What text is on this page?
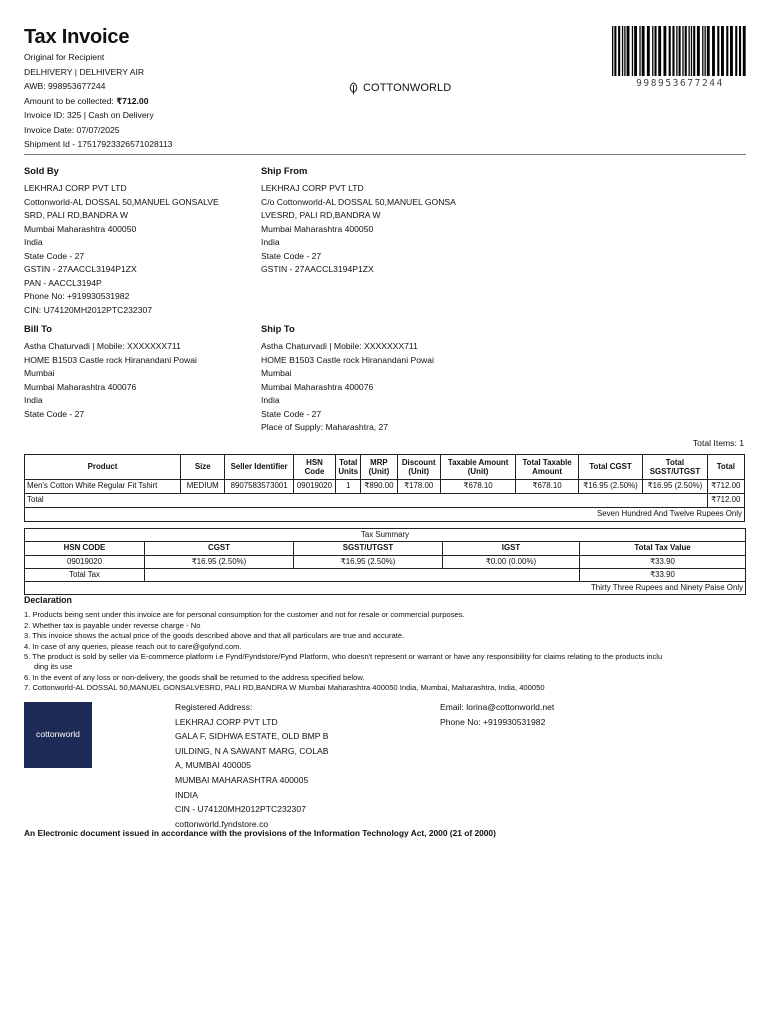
Tax Invoice
Original for Recipient
DELHIVERY | DELHIVERY AIR
AWB: 998953677244
Amount to be collected: ₹712.00
Invoice ID: 325 | Cash on Delivery
Invoice Date: 07/07/2025
Shipment Id - 17517923326571028113
COTTONWORLD	998953677244
Sold By
LEKHRAJ CORP PVT LTD
Cottonworld-AL DOSSAL 50,MANUEL GONSALVE
SRD, PALI RD,BANDRA W
Mumbai Maharashtra 400050
India
State Code - 27
GSTIN - 27AACCL3194P1ZX
PAN - AACCL3194P
Phone No: +919930531982
CIN: U74120MH2012PTC232307
Ship From
LEKHRAJ CORP PVT LTD
C/o Cottonworld-AL DOSSAL 50,MANUEL GONSA
LVESRD, PALI RD,BANDRA W
Mumbai Maharashtra 400050
India
State Code - 27
GSTIN - 27AACCL3194P1ZX
Bill To
Astha Chaturvadi | Mobile: XXXXXXX711
HOME B1503 Castle rock Hiranandani Powai
Mumbai
Mumbai Maharashtra 400076
India
State Code - 27
Ship To
Astha Chaturvadi | Mobile: XXXXXXX711
HOME B1503 Castle rock Hiranandani Powai
Mumbai
Mumbai Maharashtra 400076
India
State Code - 27
Place of Supply: Maharashtra, 27
Total Items: 1
Product	Size	Seller Identifier	HSN Code	Total Units	MRP (Unit)	Discount (Unit)	Taxable Amount (Unit)	Total Taxable Amount	Total CGST	Total SGST/UTGST	Total
Men's Cotton White Regular Fit Tshirt	MEDIUM	8907583573001	09019020	1	₹890.00	₹178.00	₹678.10	₹678.10	₹16.95 (2.50%)	₹16.95 (2.50%)	₹712.00
Total											₹712.00
Seven Hundred And Twelve Rupees Only											
Tax Summary				
HSN CODE	CGST	SGST/UTGST	IGST	Total Tax Value
09019020	₹16.95 (2.50%)	₹16.95 (2.50%)	₹0.00 (0.00%)	₹33.90
Total Tax				₹33.90
Thirty Three Rupees and Ninety Paise Only				
Declaration
1. Products being sent under this invoice are for personal consumption for the customer and not for resale or commercial purposes.
2. Whether tax is payable under reverse charge - No
3. This invoice shows the actual price of the goods described above and that all particulars are true and accurate.
4. In case of any queries, please reach out to care@gofynd.com.
5. The product is sold by seller via E-commerce platform i.e Fynd/Fyndstore/Fynd Platform, who doesn't represent or warrant or have any responsibility for claims relating to the products inclu
ding its use
6. In the event of any loss or non-delivery, the goods shall be returned to the address specified below.
7. Cottonworld-AL DOSSAL 50,MANUEL GONSALVESRD, PALI RD,BANDRA W Mumbai Maharashtra 400050 India, Mumbai, Maharashtra, India, 400050
cottonworld
Registered Address:
LEKHRAJ CORP PVT LTD
GALA F, SIDHWA ESTATE, OLD BMP B
UILDING, N A SAWANT MARG, COLAB
A, MUMBAI 400005
MUMBAI MAHARASHTRA 400005
INDIA
CIN - U74120MH2012PTC232307
cottonworld.fyndstore.co
Email: lorina@cottonworld.net
Phone No: +919930531982
An Electronic document issued in accordance with the provisions of the Information Technology Act, 2000 (21 of 2000)
